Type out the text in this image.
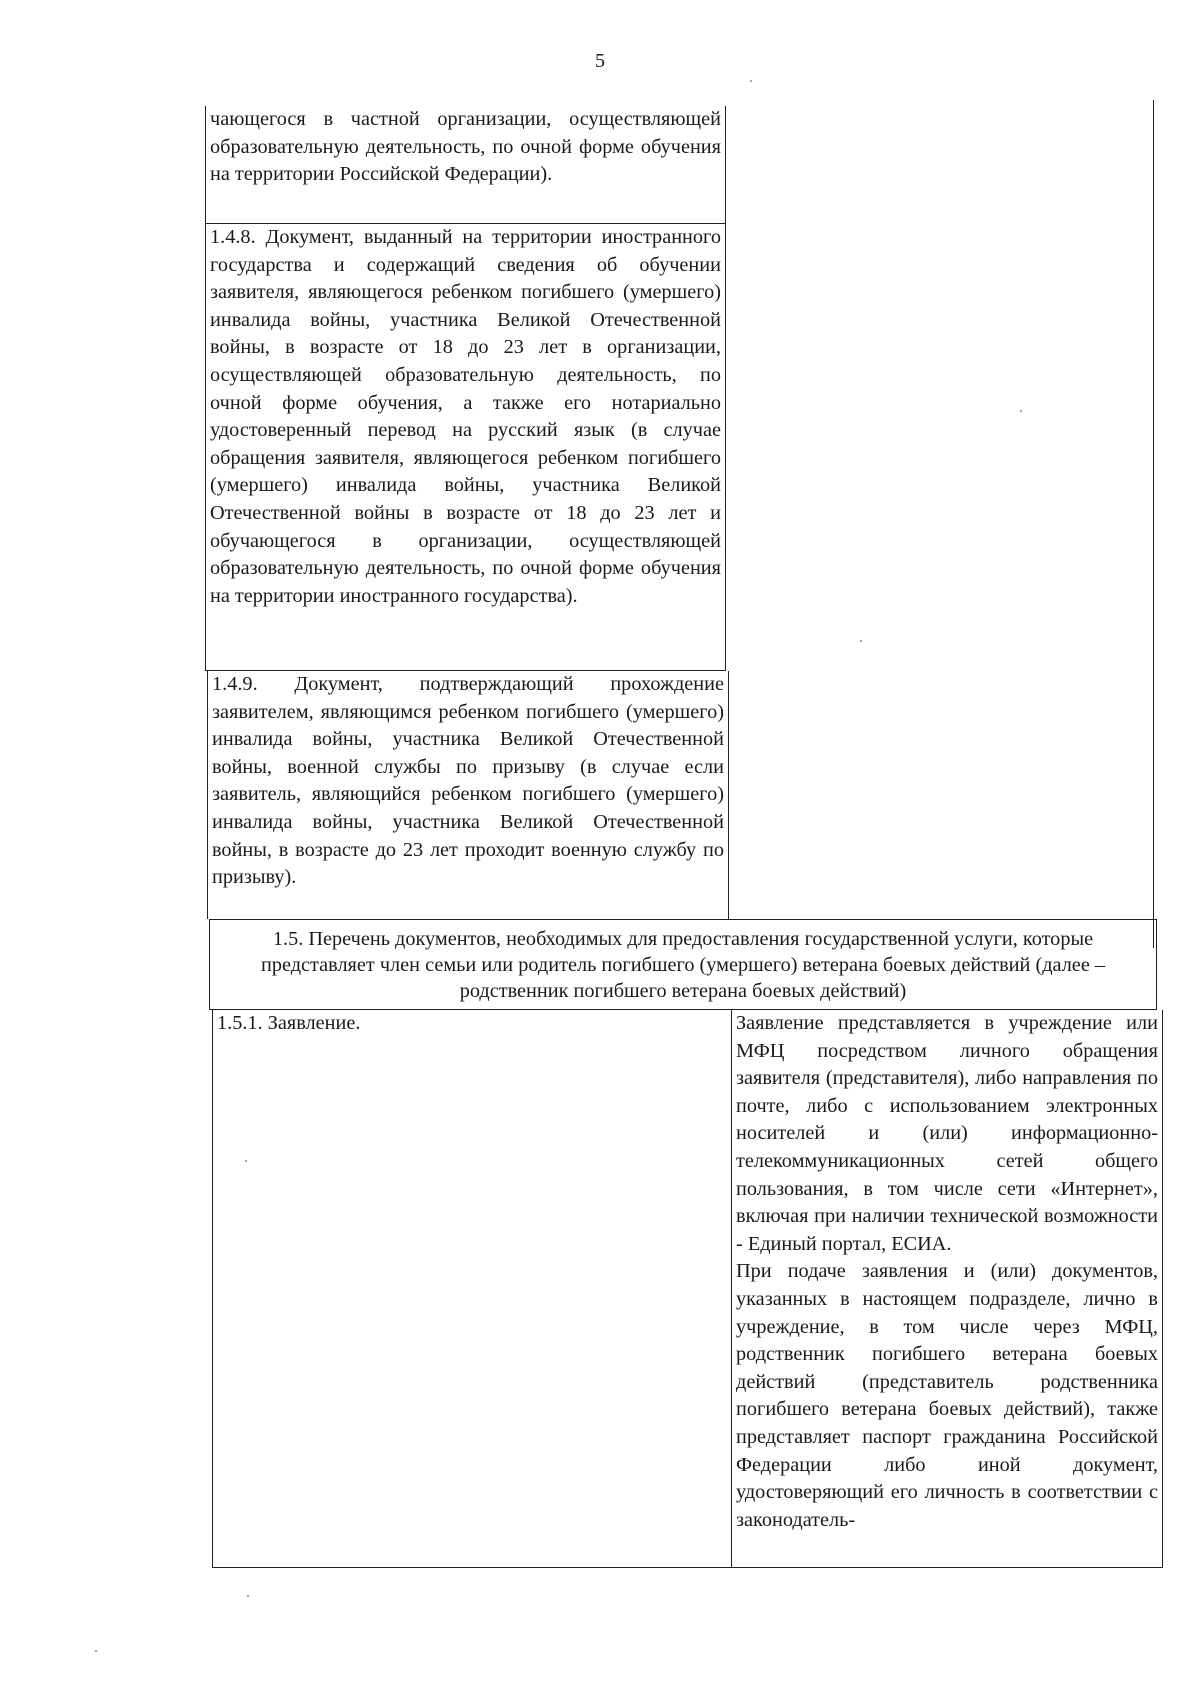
5
чающегося в частной организации, осуществляющей образовательную деятельность, по очной форме обучения на территории Российской Федерации).
1.4.8. Документ, выданный на территории иностранного государства и содержащий сведения об обучении заявителя, являющегося ребенком погибшего (умершего) инвалида войны, участника Великой Отечественной войны, в возрасте от 18 до 23 лет в организации, осуществляющей образовательную деятельность, по очной форме обучения, а также его нотариально удостоверенный перевод на русский язык (в случае обращения заявителя, являющегося ребенком погибшего (умершего) инвалида войны, участника Великой Отечественной войны в возрасте от 18 до 23 лет и обучающегося в организации, осуществляющей образовательную деятельность, по очной форме обучения на территории иностранного государства).
1.4.9. Документ, подтверждающий прохождение заявителем, являющимся ребенком погибшего (умершего) инвалида войны, участника Великой Отечественной войны, военной службы по призыву (в случае если заявитель, являющийся ребенком погибшего (умершего) инвалида войны, участника Великой Отечественной войны, в возрасте до 23 лет проходит военную службу по призыву).
1.5. Перечень документов, необходимых для предоставления государственной услуги, которые представляет член семьи или родитель погибшего (умершего) ветерана боевых действий (далее – родственник погибшего ветерана боевых действий)
1.5.1. Заявление.	Заявление представляется в учреждение или МФЦ посредством личного обращения заявителя (представителя), либо направления по почте, либо с использованием электронных носителей и (или) информационно-телекоммуникационных сетей общего пользования, в том числе сети «Интернет», включая при наличии технической возможности - Единый портал, ЕСИА.
При подаче заявления и (или) документов, указанных в настоящем подразделе, лично в учреждение, в том числе через МФЦ, родственник погибшего ветерана боевых действий (представитель родственника погибшего ветерана боевых действий), также представляет паспорт гражданина Российской Федерации либо иной документ, удостоверяющий его личность в соответствии с законодатель-
